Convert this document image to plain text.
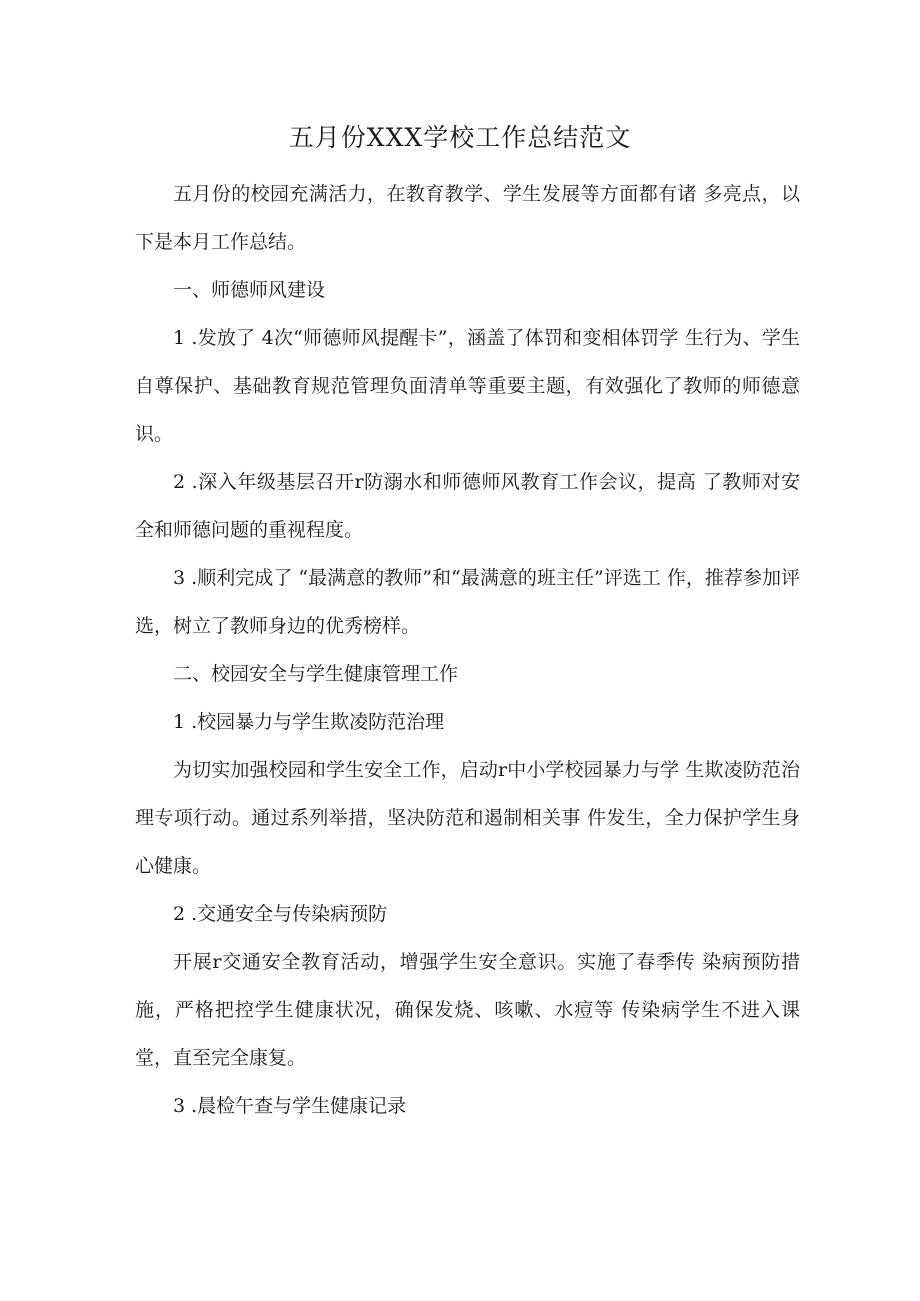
五月份XXX学校工作总结范文

五月份的校园充满活力，在教育教学、学生发展等方面都有诸 多亮点，以下是本月工作总结。

一、师德师风建设

1 .发放了 4次“师德师风提醒卡”，涵盖了体罚和变相体罚学 生行为、学生自尊保护、基础教育规范管理负面清单等重要主题，有效强化了教师的师德意识。

2 .深入年级基层召开r防溺水和师德师风教育工作会议，提高 了教师对安全和师德问题的重视程度。

3 .顺利完成了 “最满意的教师”和“最满意的班主任”评选工 作，推荐参加评选，树立了教师身边的优秀榜样。

二、校园安全与学生健康管理工作

1 .校园暴力与学生欺凌防范治理

为切实加强校园和学生安全工作，启动r中小学校园暴力与学 生欺凌防范治理专项行动。通过系列举措，坚决防范和遏制相关事 件发生，全力保护学生身心健康。

2 .交通安全与传染病预防

开展r交通安全教育活动，增强学生安全意识。实施了春季传 染病预防措施，严格把控学生健康状况，确保发烧、咳嗽、水痘等 传染病学生不进入课堂，直至完全康复。

3 .晨检午查与学生健康记录
